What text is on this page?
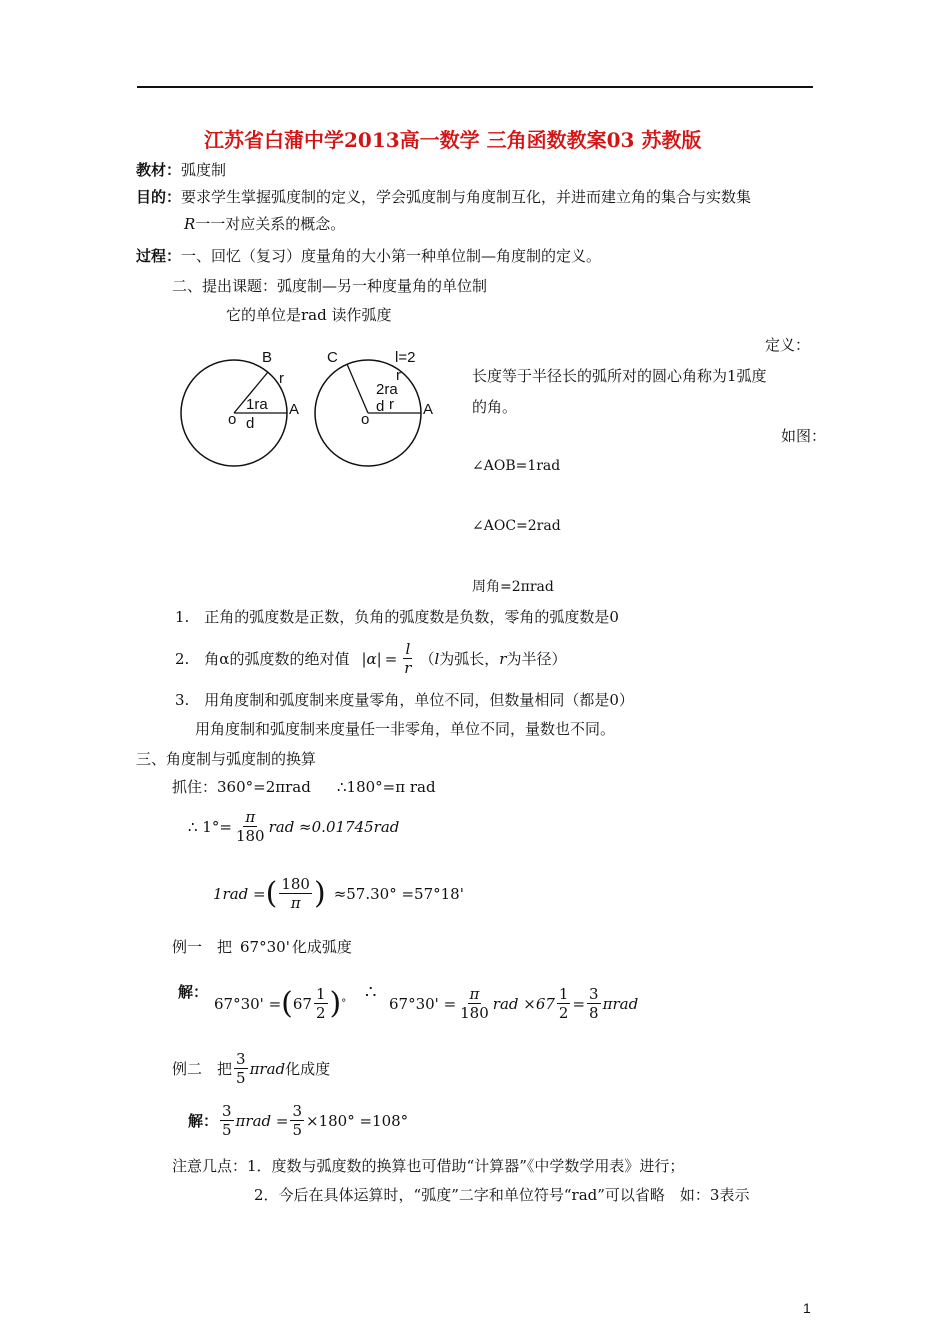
江苏省白蒲中学2013高一数学 三角函数教案03 苏教版
教材：弧度制
目的：要求学生掌握弧度制的定义，学会弧度制与角度制互化，并进而建立角的集合与实数集
R一一对应关系的概念。
过程：一、回忆（复习）度量角的大小第一种单位制—角度制的定义。
二、提出课题：弧度制—另一种度量角的单位制
它的单位是rad 读作弧度
B
r
1ra
d
o
A
C	l=2
r
2ra
d r
o
A
定义：
长度等于半径长的弧所对的圆心角称为1弧度
的角。
如图：
∠AOB=1rad
∠AOC=2rad
周角=2πrad
1.　正角的弧度数是正数，负角的弧度数是负数，零角的弧度数是0
2.　角α的弧度数的绝对值 $|\alpha| = \frac{l}{r}$ （ l 为弧长， r 为半径）
3.　用角度制和弧度制来度量零角，单位不同，但数量相同（都是0）
用角度制和弧度制来度量任一非零角，单位不同，量数也不同。
三、角度制与弧度制的换算
抓住：360°=2πrad ∴180°=π rad
∴ $1^\circ= \frac{\pi}{180}$ rad ≈0.01745rad
1rad = ( $\frac{180}{\pi}$ ) ≈57.30° =57°18'
例一　把 67°30' 化成弧度
解：
67°30' = ( $67 \frac{1}{2}$ ) ° ∴
$67^\circ 30' = \frac{\pi}{180}$ rad $\times 67 \frac{1}{2} = \frac{3}{8}$ πrad
例二　把 $\frac{3}{5}$ πrad 化成度
解： $\frac{3}{5}$ $\pi rad = \frac{3}{5} \times 180^\circ =108^\circ$
注意几点：1．度数与弧度数的换算也可借助“计算器”《中学数学用表》进行；
2．今后在具体运算时，“弧度”二字和单位符号“rad”可以省略　如：3表示
1
